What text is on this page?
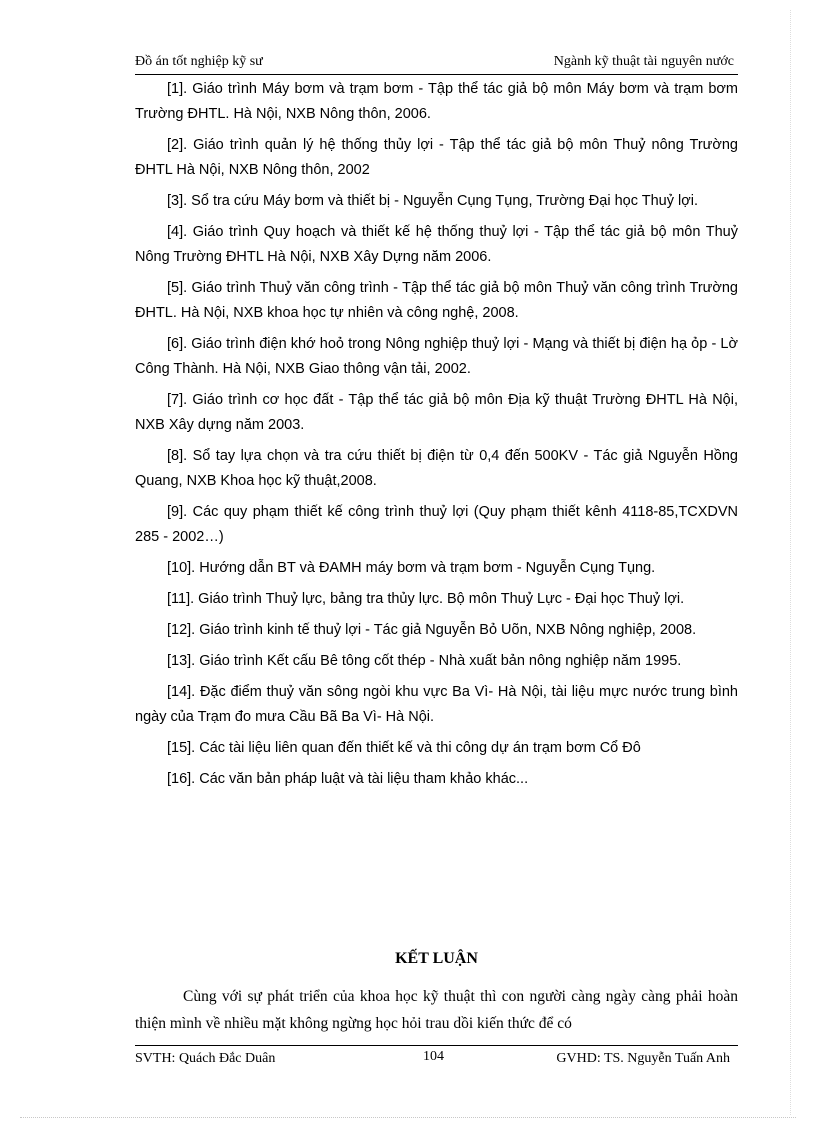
Đồ án tốt nghiệp kỹ sư	Ngành kỹ thuật tài nguyên nước

[1]. Giáo trình Máy bơm và trạm bơm - Tập thể tác giả bộ môn Máy bơm và trạm bơm Trường ĐHTL. Hà Nội, NXB Nông thôn, 2006.

[2]. Giáo trình quản lý hệ thống thủy lợi - Tập thể tác giả bộ môn Thuỷ nông Trường ĐHTL Hà Nội, NXB Nông thôn, 2002

[3]. Sổ tra cứu Máy bơm và thiết bị - Nguyễn Cụng Tụng, Trường Đại học Thuỷ lợi.

[4]. Giáo trình Quy hoạch và thiết kế hệ thống thuỷ lợi - Tập thể tác giả bộ môn Thuỷ Nông Trường ĐHTL Hà Nội, NXB Xây Dựng năm 2006.

[5]. Giáo trình Thuỷ văn công trình - Tập thể tác giả bộ môn Thuỷ văn công trình Trường ĐHTL. Hà Nội, NXB khoa học tự nhiên và công nghệ, 2008.

[6]. Giáo trình điện khớ hoỏ trong Nông nghiệp thuỷ lợi - Mạng và thiết bị điện hạ ỏp - Lờ Công Thành. Hà Nội, NXB Giao thông vận tải, 2002.

[7]. Giáo trình cơ học đất - Tập thể tác giả bộ môn Địa kỹ thuật Trường ĐHTL Hà Nội, NXB Xây dựng năm 2003.

[8]. Sổ tay lựa chọn và tra cứu thiết bị điện từ 0,4 đến 500KV - Tác giả Nguyễn Hồng Quang, NXB Khoa học kỹ thuật,2008.

[9]. Các quy phạm thiết kế công trình thuỷ lợi (Quy phạm thiết kênh 4118-85,TCXDVN 285 - 2002…)

[10]. Hướng dẫn BT và ĐAMH máy bơm và trạm bơm - Nguyễn Cụng Tụng.

[11]. Giáo trình Thuỷ lực, bảng tra thủy lực. Bộ môn Thuỷ Lực - Đại học Thuỷ lợi.

[12]. Giáo trình kinh tế thuỷ lợi - Tác giả Nguyễn Bỏ Uõn, NXB Nông nghiệp, 2008.

[13]. Giáo trình Kết cấu Bê tông cốt thép - Nhà xuất bản nông nghiệp năm 1995.

[14]. Đặc điểm thuỷ văn sông ngòi khu vực Ba Vì- Hà Nội, tài liệu mực nước trung bình ngày của Trạm đo mưa Cầu Bã Ba Vì- Hà Nội.

[15]. Các tài liệu liên quan đến thiết kế và thi công dự án trạm bơm Cổ Đô

[16]. Các văn bản pháp luật và tài liệu tham khảo khác...

KẾT LUẬN

Cùng với sự phát triển của khoa học kỹ thuật thì con người càng ngày càng phải hoàn thiện mình về nhiều mặt không ngừng học hỏi trau dồi kiến thức để có

SVTH: Quách Đắc Duân	104	GVHD: TS. Nguyễn Tuấn Anh
